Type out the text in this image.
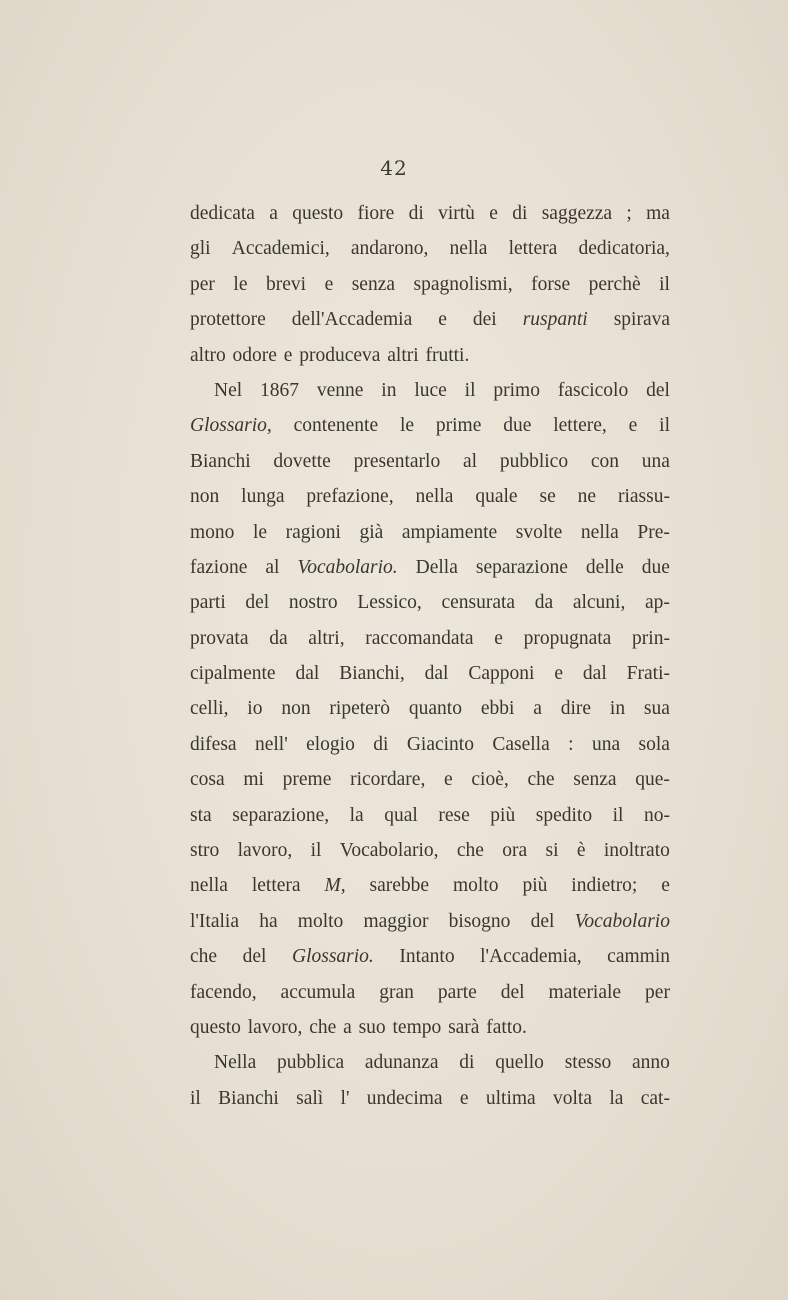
42
dedicata a questo fiore di virtù e di saggezza ; ma
gli Accademici, andarono, nella lettera dedicatoria,
per le brevi e senza spagnolismi, forse perchè il
protettore dell'Accademia e dei ruspanti spirava
altro odore e produceva altri frutti.
Nel 1867 venne in luce il primo fascicolo del
Glossario, contenente le prime due lettere, e il
Bianchi dovette presentarlo al pubblico con una
non lunga prefazione, nella quale se ne riassu-
mono le ragioni già ampiamente svolte nella Pre-
fazione al Vocabolario. Della separazione delle due
parti del nostro Lessico, censurata da alcuni, ap-
provata da altri, raccomandata e propugnata prin-
cipalmente dal Bianchi, dal Capponi e dal Frati-
celli, io non ripeterò quanto ebbi a dire in sua
difesa nell' elogio di Giacinto Casella : una sola
cosa mi preme ricordare, e cioè, che senza que-
sta separazione, la qual rese più spedito il no-
stro lavoro, il Vocabolario, che ora si è inoltrato
nella lettera M, sarebbe molto più indietro; e
l'Italia ha molto maggior bisogno del Vocabolario
che del Glossario. Intanto l'Accademia, cammin
facendo, accumula gran parte del materiale per
questo lavoro, che a suo tempo sarà fatto.
Nella pubblica adunanza di quello stesso anno
il Bianchi salì l' undecima e ultima volta la cat-
